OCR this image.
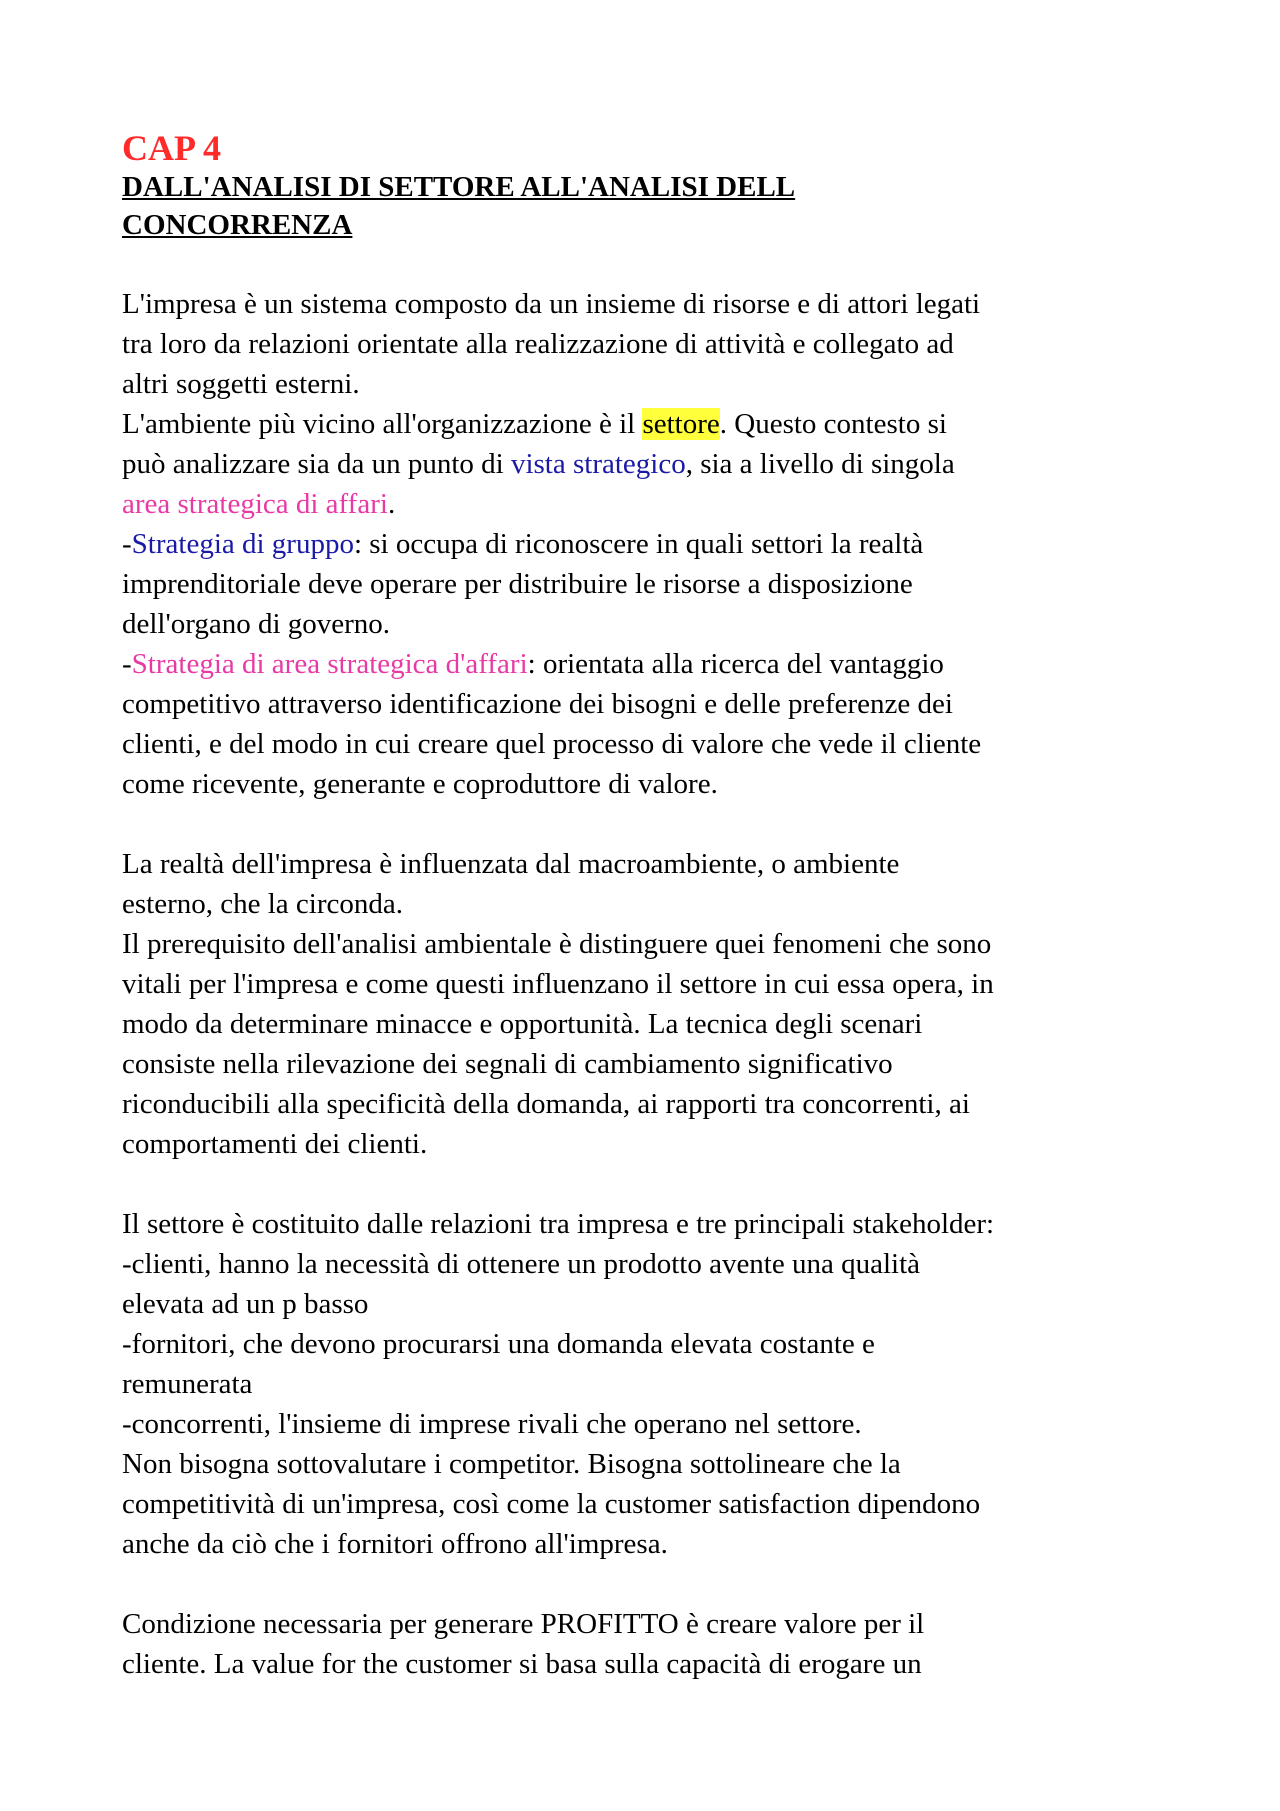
CAP 4
DALL'ANALISI DI SETTORE ALL'ANALISI DELL
CONCORRENZA
L'impresa è un sistema composto da un insieme di risorse e di attori legati
tra loro da relazioni orientate alla realizzazione di attività e collegato ad
altri soggetti esterni.
L'ambiente più vicino all'organizzazione è il settore. Questo contesto si
può analizzare sia da un punto di vista strategico, sia a livello di singola
area strategica di affari.
-Strategia di gruppo: si occupa di riconoscere in quali settori la realtà
imprenditoriale deve operare per distribuire le risorse a disposizione
dell'organo di governo.
-Strategia di area strategica d'affari: orientata alla ricerca del vantaggio
competitivo attraverso identificazione dei bisogni e delle preferenze dei
clienti, e del modo in cui creare quel processo di valore che vede il cliente
come ricevente, generante e coproduttore di valore.
La realtà dell'impresa è influenzata dal macroambiente, o ambiente
esterno, che la circonda.
Il prerequisito dell'analisi ambientale è distinguere quei fenomeni che sono
vitali per l'impresa e come questi influenzano il settore in cui essa opera, in
modo da determinare minacce e opportunità. La tecnica degli scenari
consiste nella rilevazione dei segnali di cambiamento significativo
riconducibili alla specificità della domanda, ai rapporti tra concorrenti, ai
comportamenti dei clienti.
Il settore è costituito dalle relazioni tra impresa e tre principali stakeholder:
-clienti, hanno la necessità di ottenere un prodotto avente una qualità
elevata ad un p basso
-fornitori, che devono procurarsi una domanda elevata costante e
remunerata
-concorrenti, l'insieme di imprese rivali che operano nel settore.
Non bisogna sottovalutare i competitor. Bisogna sottolineare che la
competitività di un'impresa, così come la customer satisfaction dipendono
anche da ciò che i fornitori offrono all'impresa.
Condizione necessaria per generare PROFITTO è creare valore per il
cliente. La value for the customer si basa sulla capacità di erogare un
